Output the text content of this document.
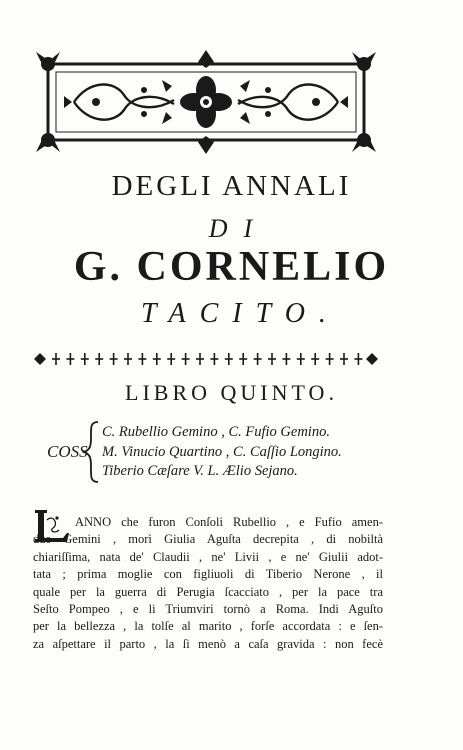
DEGLI ANNALI
DI
G. CORNELIO
TACITO.
LIBRO QUINTO.
COSS.
C. Rubellio Gemino , C. Fufio Gemino.
M. Vinucio Quartino , C. Caſſio Longino.
Tiberio Cæſare V. L. Ælio Sejano.
ANNO che furon Conſoli Rubellio , e Fufio amen-
due Gemini , morì Giulia Aguſta decrepita , di nobiltà
chiariſſima, nata de' Claudii , ne' Livii , e ne' Giulii adot-
tata ; prima moglie con figliuoli di Tiberio Nerone , il
quale per la guerra di Perugia ſcacciato , per la pace tra
Seſto Pompeo , e li Triumviri tornò a Roma. Indi Aguſto
per la bellezza , la tolſe al marito , forſe accordata : e ſen-
za aſpettare il parto , la ſi menò a caſa gravida : non fecè
